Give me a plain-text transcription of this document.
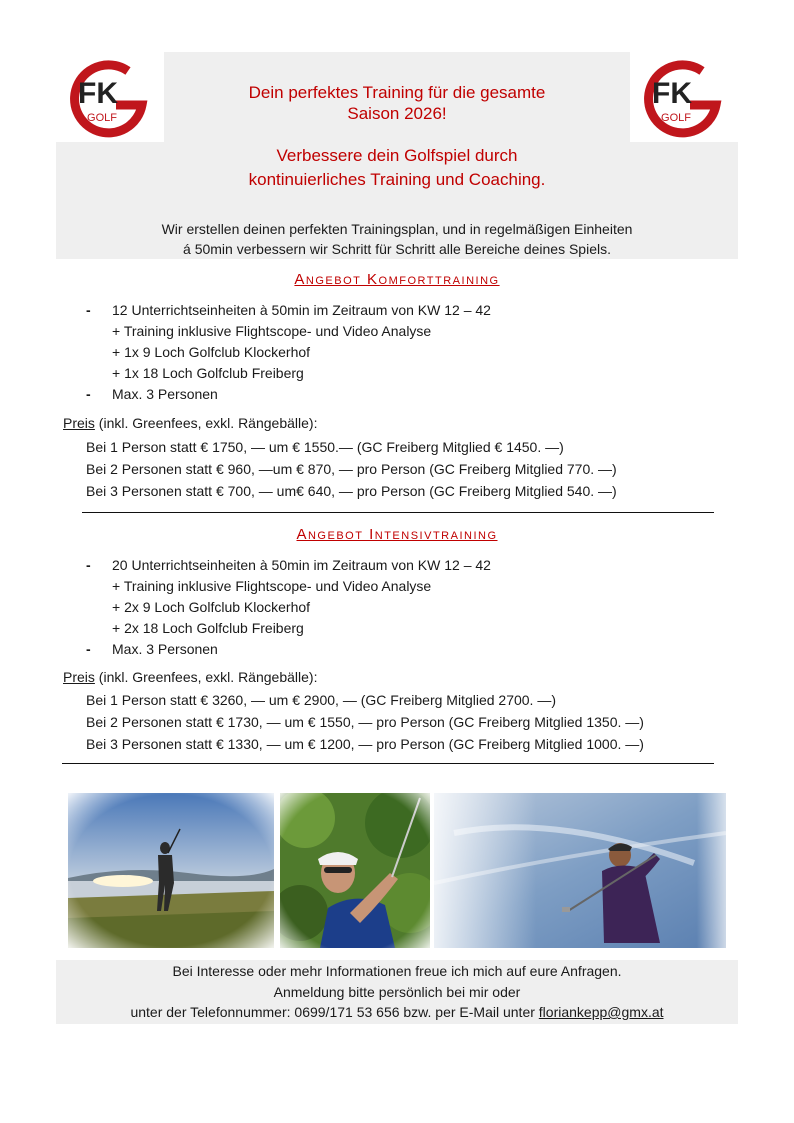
FK
GOLF
Dein perfektes Training für die gesamte
Saison 2026!
Verbessere dein Golfspiel durch
kontinuierliches Training und Coaching.
FK
GOLF
Wir erstellen deinen perfekten Trainingsplan, und in regelmäßigen Einheiten
á 50min verbessern wir Schritt für Schritt alle Bereiche deines Spiels.
Angebot Komforttraining
- 12 Unterrichtseinheiten à 50min im Zeitraum von KW 12 – 42
+ Training inklusive Flightscope- und Video Analyse
+ 1x 9 Loch Golfclub Klockerhof
+ 1x 18 Loch Golfclub Freiberg
- Max. 3 Personen
Preis (inkl. Greenfees, exkl. Rängebälle):
Bei 1 Person statt € 1750, — um € 1550.— (GC Freiberg Mitglied € 1450. —)
Bei 2 Personen statt € 960, —um € 870, — pro Person (GC Freiberg Mitglied 770. —)
Bei 3 Personen statt € 700, — um€ 640, — pro Person (GC Freiberg Mitglied 540. —)
Angebot Intensivtraining
- 20 Unterrichtseinheiten à 50min im Zeitraum von KW 12 – 42
+ Training inklusive Flightscope- und Video Analyse
+ 2x 9 Loch Golfclub Klockerhof
+ 2x 18 Loch Golfclub Freiberg
- Max. 3 Personen
Preis (inkl. Greenfees, exkl. Rängebälle):
Bei 1 Person statt € 3260, — um € 2900, — (GC Freiberg Mitglied 2700. —)
Bei 2 Personen statt € 1730, — um € 1550, — pro Person (GC Freiberg Mitglied 1350. —)
Bei 3 Personen statt € 1330, — um € 1200, — pro Person (GC Freiberg Mitglied 1000. —)
Bei Interesse oder mehr Informationen freue ich mich auf eure Anfragen.
Anmeldung bitte persönlich bei mir oder
unter der Telefonnummer: 0699/171 53 656 bzw. per E-Mail unter floriankepp@gmx.at
